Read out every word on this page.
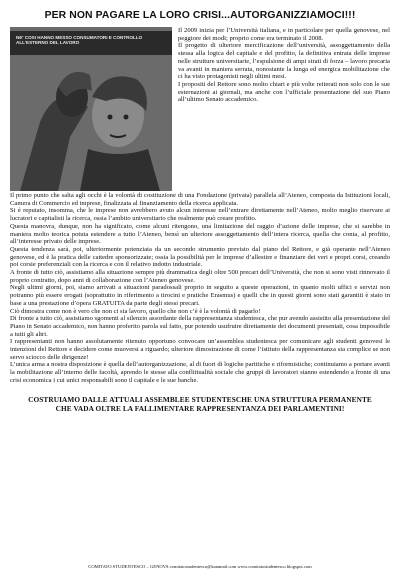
PER NON PAGARE LA LORO CRISI...AUTORGANIZZIAMOCI!!!
NE' COSI HANNO MESSO CONSUMATORI E CONTROLLO ALL'ESTERNO DEL LAVORO

Il 2009 inizia per l’Università italiana, e in particolare per quella genovese, nel peggiore dei modi; proprio come era terminato il 2008.

Il progetto di ulteriore mercificazione dell’università, assoggettamento della stessa alla logica del capitale e del profitto, la definitiva entrata delle imprese nelle strutture universitarie, l’espulsione di ampi strati di forza – lavoro precaria va avanti in maniera serrata, nonostante la lunga ed energica mobilitazione che ci ha visto protagonisti negli ultimi mesi.

I propositi del Rettore sono molto chiari e più volte reiterati non solo con le sue esternazioni ai giornali, ma anche con l’ufficiale presentazione del suo Piano all’ultimo Senato accademico.

Il primo punto che salta agli occhi è la volontà di costituzione di una Fondazione (privata) parallela all’Ateneo, composta da Istituzioni locali, Camera di Commercio ed imprese, finalizzata al finanziamento della ricerca applicata.

Si è reputato, insomma, che le imprese non avrebbero avuto alcun interesse nell’entrare direttamente nell’Ateneo, molto meglio riservare ai lucratori e capitalisti la ricerca, ossia l’ambito universitario che realmente può creare profitto.

Questa manovra, dunque, non ha significato, come alcuni ritengono, una limitazione del raggio d’azione delle imprese, che si sarebbe in maniera molto teorica potuta estendere a tutto l’Ateneo, bensì un ulteriore assoggettamento dell’intera ricerca, quella che conta, al profitto, all’interesse privato delle imprese.

Questa tendenza sarà, poi, ulteriormente potenziata da un secondo strumento previsto dal piano del Rettore, e già operante nell’Ateneo genovese, ed è la pratica delle cattedre sponsorizzate; ossia la possibilità per le imprese d’allestire e finanziare dei veri e propri corsi, creando poi corsie preferenziali con la ricerca e con il relativo indotto industriale.

A fronte di tutto ciò, assistiamo alla situazione sempre più drammatica degli oltre 500 precari dell’Università, che non si sono visti rinnovato il proprio contratto, dopo anni di collaborazione con l’Ateneo genovese.

Negli ultimi giorni, poi, siamo arrivati a situazioni paradossali proprio in seguito a queste operazioni, in quanto molti uffici e servizi non potranno più essere erogati (soprattutto in riferimento a tirocini e pratiche Erasmus) e quelli che in questi giorni sono stati garantiti è stato in base a una prestazione d’opera GRATUITA da parte degli stessi precari.

Ciò dimostra come non è vero che non ci sia lavoro, quello che non c’è è la volontà di pagarlo!

Di fronte a tutto ciò, assistiamo sgomenti al silenzio assordante della rappresentanza studentesca, che pur avendo assistito alla presentazione del Piano in Senato accademico, non hanno proferito parola sul fatto, pur potendo usufruire direttamente dei documenti presentati, cosa impossibile a tutti gli altri.

I rappresentanti non hanno assolutamente ritenuto opportuno convocare un’assemblea studentesca per comunicare agli studenti genovesi le intenzioni del Rettore e decidere come muoversi a riguardo; ulteriore dimostrazione di come l’istituto della rappresentanza sia complice se non servo sciocco delle dirigenze!

L’unica arma a nostra disposizione è quella dell’autorganizzazione, al di fuori di logiche partitiche e riformistiche; continuiamo a portare avanti la mobilitazione all’interno delle facoltà, aprendo le stesse alla conflittualità sociale che gruppi di lavoratori stanno estendendo a fronte di una crisi economica i cui unici responsabili sono il capitale e le sue banche.

COSTRUIAMO DALLE ATTUALI ASSEMBLEE STUDENTESCHE UNA STRUTTURA PERMANENTE CHE VADA OLTRE LA FALLIMENTARE RAPPRESENTANZA DEI PARLAMENTINI!
COMITATO STUDENTESCO – GENOVA comitatostudentesco@katamail.com www.comitatostudentesco.blogspot.com
